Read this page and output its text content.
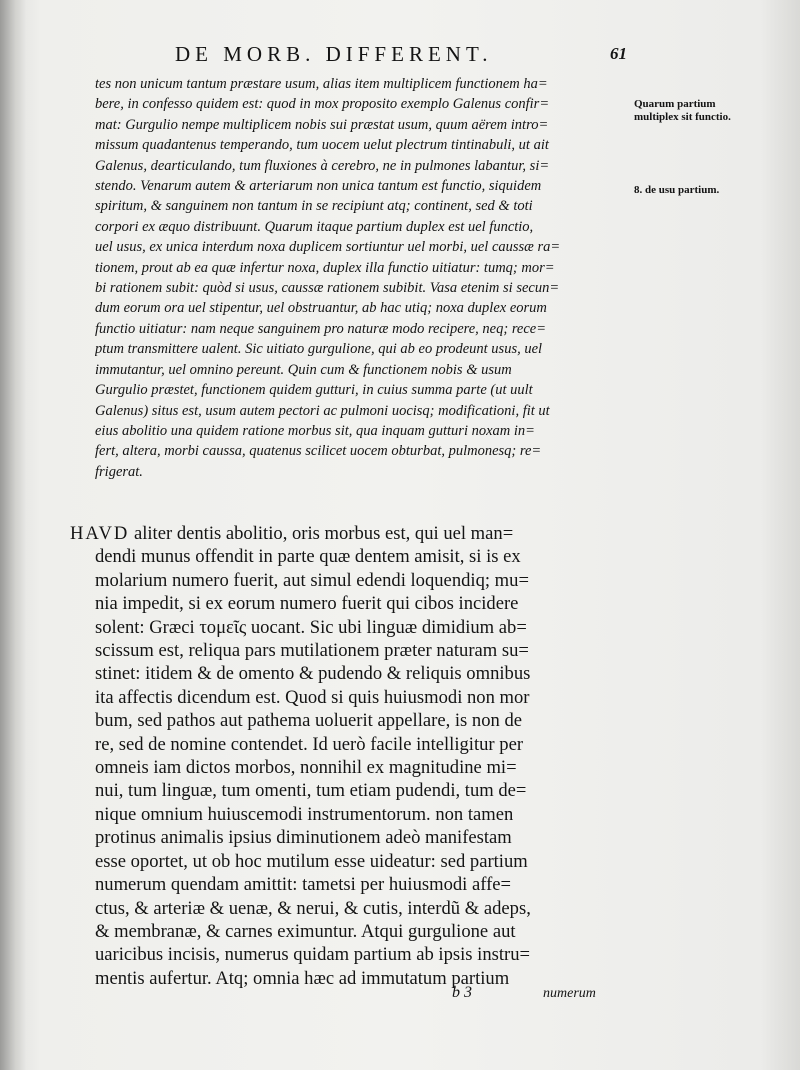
DE MORB. DIFFERENT.	61
tes non unicum tantum præstare usum, alias item multiplicem functionem ha=
bere, in confesso quidem est: quod in mox proposito exemplo Galenus confir=
mat: Gurgulio nempe multiplicem nobis sui præstat usum, quum aërem intro=
missum quadantenus temperando, tum uocem uelut plectrum tintinabuli, ut ait
Galenus, dearticulando, tum fluxiones à cerebro, ne in pulmones labantur, si=
stendo. Venarum autem & arteriarum non unica tantum est functio, siquidem
spiritum, & sanguinem non tantum in se recipiunt atq; continent, sed & toti
corpori ex æquo distribuunt. Quarum itaque partium duplex est uel functio,
uel usus, ex unica interdum noxa duplicem sortiuntur uel morbi, uel caussæ ra=
tionem, prout ab ea quæ infertur noxa, duplex illa functio uitiatur: tumq; mor=
bi rationem subit: quòd si usus, caussæ rationem subibit. Vasa etenim si secun=
dum eorum ora uel stipentur, uel obstruantur, ab hac utiq; noxa duplex eorum
functio uitiatur: nam neque sanguinem pro naturæ modo recipere, neq; rece=
ptum transmittere ualent. Sic uitiato gurgulione, qui ab eo prodeunt usus, uel
immutantur, uel omnino pereunt. Quin cum & functionem nobis & usum
Gurgulio præstet, functionem quidem gutturi, in cuius summa parte (ut uult
Galenus) situs est, usum autem pectori ac pulmoni uocisq; modificationi, fit ut
eius abolitio una quidem ratione morbus sit, qua inquam gutturi noxam in=
fert, altera, morbi caussa, quatenus scilicet uocem obturbat, pulmonesq; re=
frigerat.
Quarum partium multiplex sit functio.
8. de usu partium.
HAVD aliter dentis abolitio, oris morbus est, qui uel man=
dendi munus offendit in parte quæ dentem amisit, si is ex
molarium numero fuerit, aut simul edendi loquendiq; mu=
nia impedit, si ex eorum numero fuerit qui cibos incidere
solent: Græci τομεῖς uocant. Sic ubi linguæ dimidium ab=
scissum est, reliqua pars mutilationem præter naturam su=
stinet: itidem & de omento & pudendo & reliquis omnibus
ita affectis dicendum est. Quod si quis huiusmodi non mor
bum, sed pathos aut pathema uoluerit appellare, is non de
re, sed de nomine contendet. Id uerò facile intelligitur per
omneis iam dictos morbos, nonnihil ex magnitudine mi=
nui, tum linguæ, tum omenti, tum etiam pudendi, tum de=
nique omnium huiuscemodi instrumentorum. non tamen
protinus animalis ipsius diminutionem adeò manifestam
esse oportet, ut ob hoc mutilum esse uideatur: sed partium
numerum quendam amittit: tametsi per huiusmodi affe=
ctus, & arteriæ & uenæ, & nerui, & cutis, interdũ & adeps,
& membranæ, & carnes eximuntur. Atqui gurgulione aut
uaricibus incisis, numerus quidam partium ab ipsis instru=
mentis aufertur. Atq; omnia hæc ad immutatum partium
b 3	numerum
